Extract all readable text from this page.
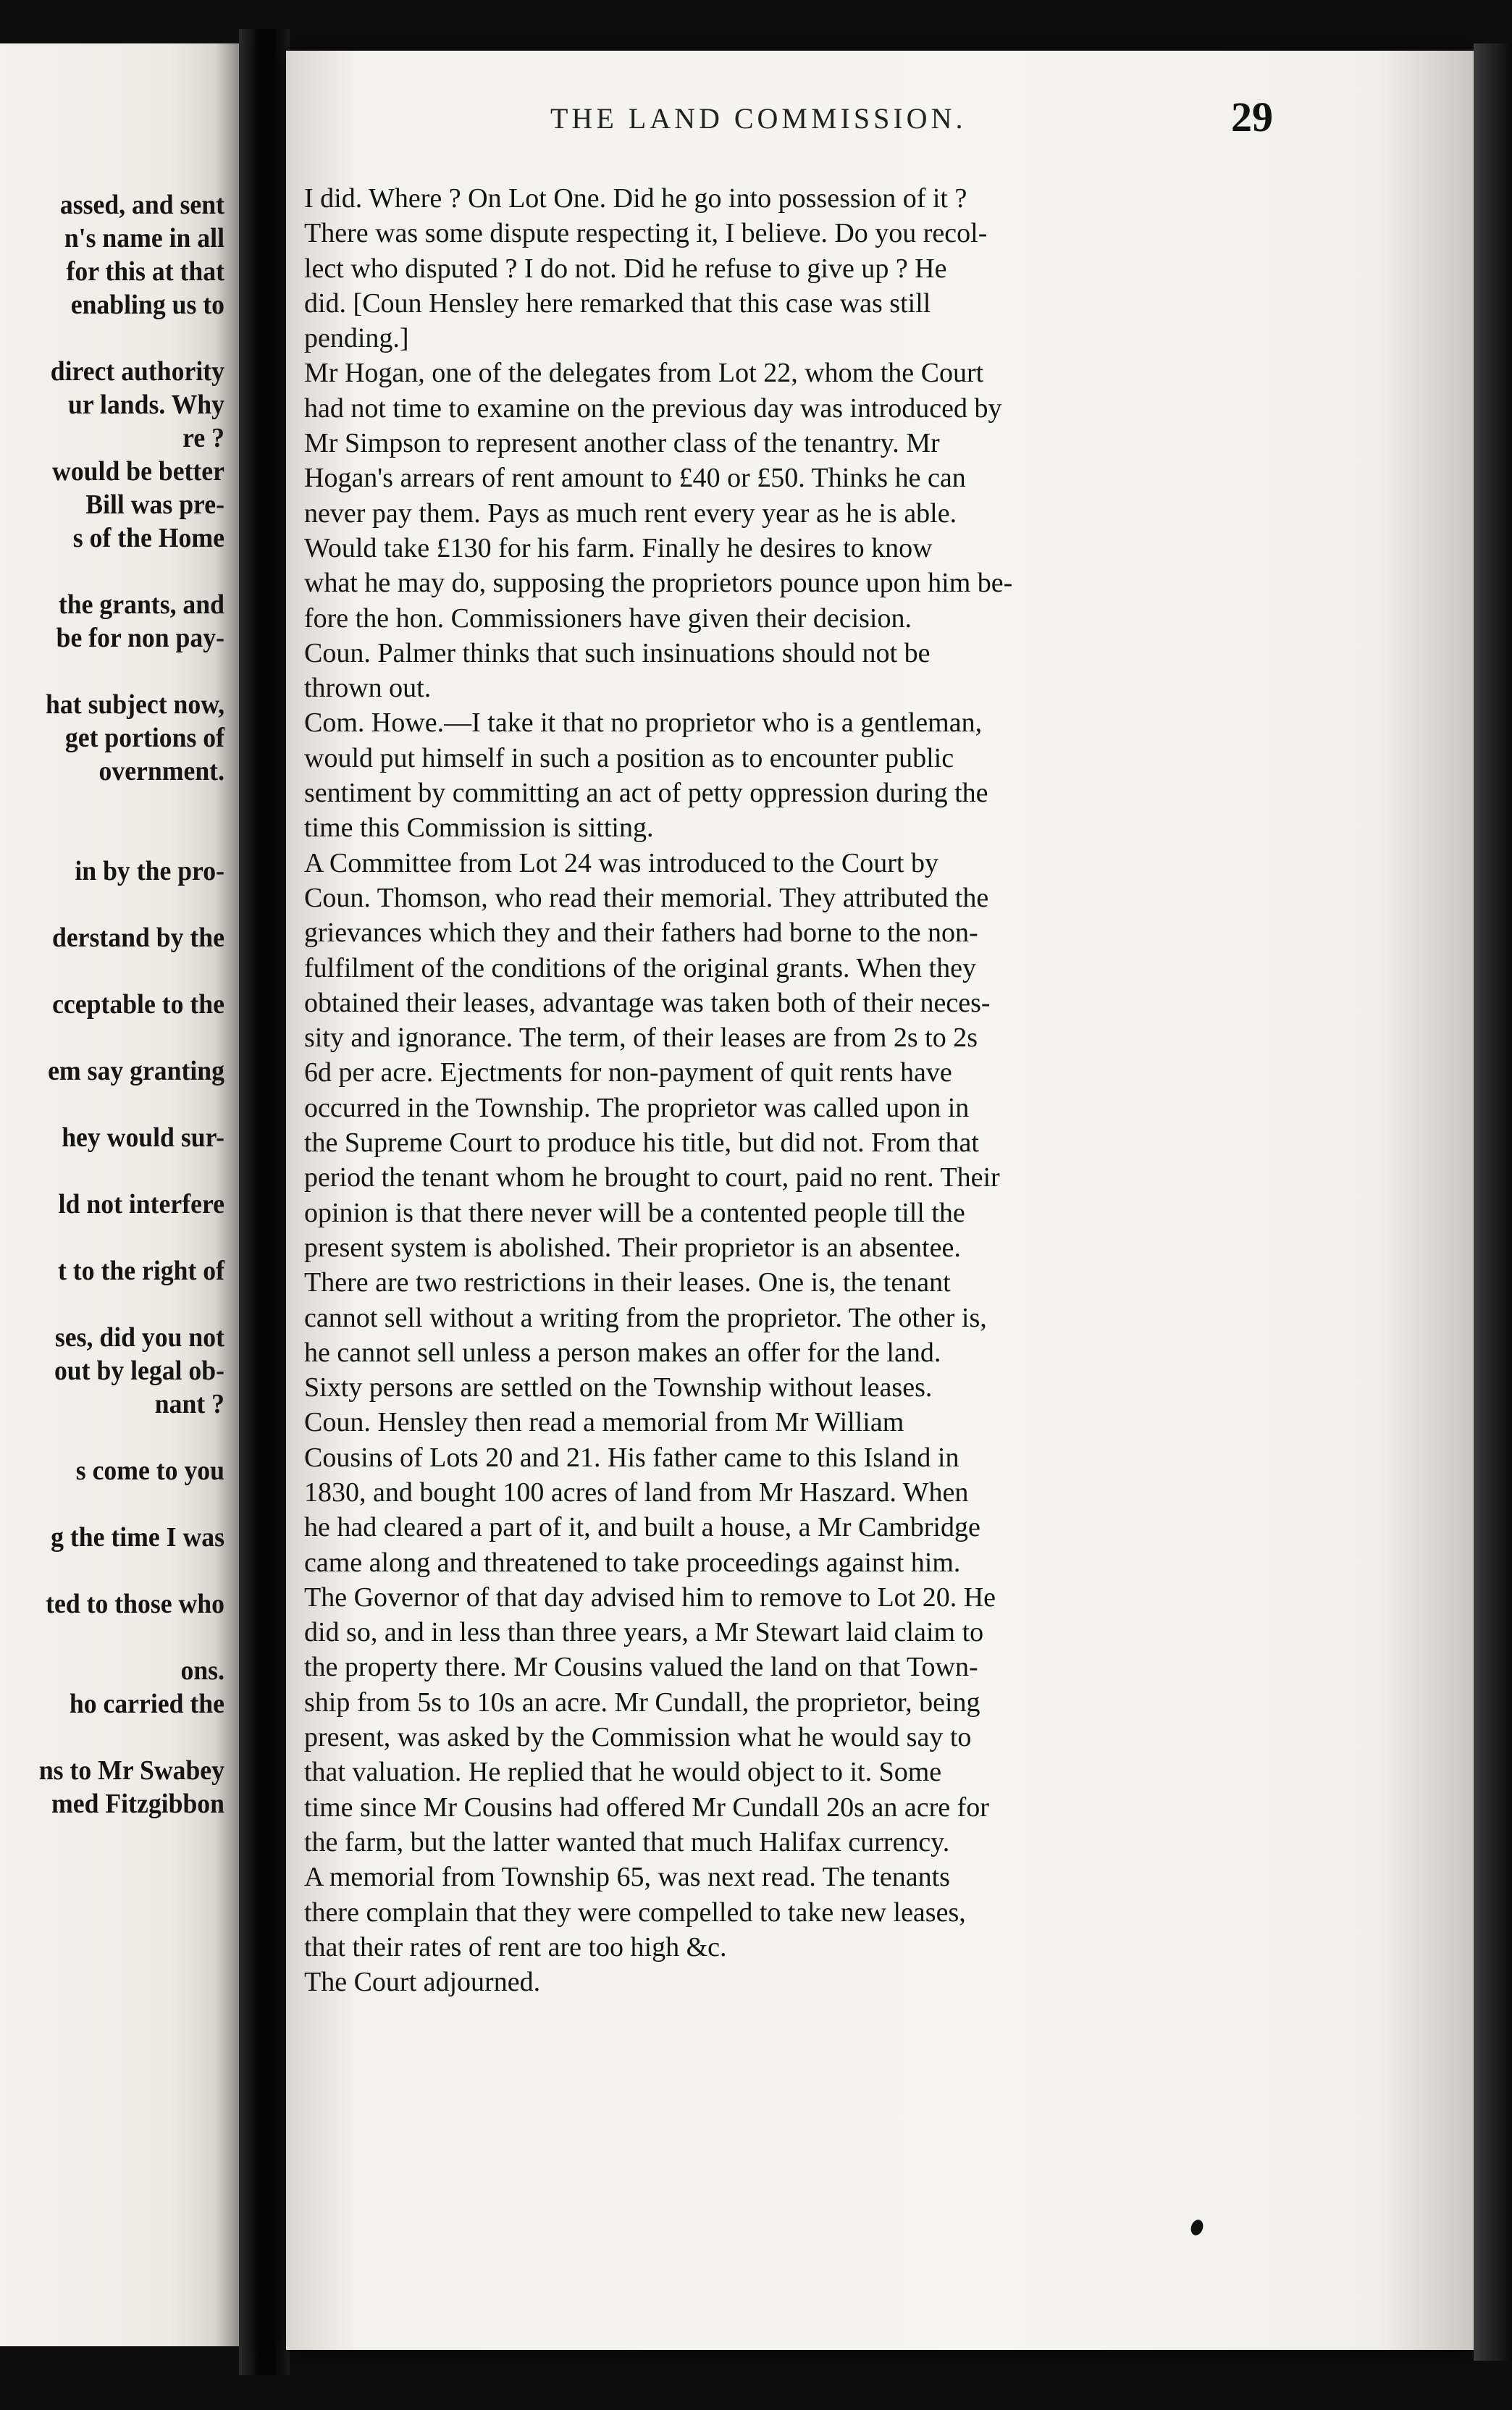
assed, and sent
n's name in all
for this at that
enabling us to
direct authority
ur lands. Why
re ?
would be better
Bill was pre-
s of the Home
the grants, and
be for non pay-
hat subject now,
get portions of
overnment.
in by the pro-
derstand by the
cceptable to the
em say granting
hey would sur-
ld not interfere
t to the right of
ses, did you not
out by legal ob-
nant ?
s come to you
g the time I was
ted to those who
ons.
ho carried the
ns to Mr Swabey
med Fitzgibbon
THE LAND COMMISSION.	29
I did. Where ? On Lot One. Did he go into possession of it ?
There was some dispute respecting it, I believe. Do you recol-
lect who disputed ? I do not. Did he refuse to give up ? He
did. [Coun Hensley here remarked that this case was still
pending.]
Mr Hogan, one of the delegates from Lot 22, whom the Court
had not time to examine on the previous day was introduced by
Mr Simpson to represent another class of the tenantry. Mr
Hogan's arrears of rent amount to £40 or £50. Thinks he can
never pay them. Pays as much rent every year as he is able.
Would take £130 for his farm. Finally he desires to know
what he may do, supposing the proprietors pounce upon him be-
fore the hon. Commissioners have given their decision.
Coun. Palmer thinks that such insinuations should not be
thrown out.
Com. Howe.—I take it that no proprietor who is a gentleman,
would put himself in such a position as to encounter public
sentiment by committing an act of petty oppression during the
time this Commission is sitting.
A Committee from Lot 24 was introduced to the Court by
Coun. Thomson, who read their memorial. They attributed the
grievances which they and their fathers had borne to the non-
fulfilment of the conditions of the original grants. When they
obtained their leases, advantage was taken both of their neces-
sity and ignorance. The term, of their leases are from 2s to 2s
6d per acre. Ejectments for non-payment of quit rents have
occurred in the Township. The proprietor was called upon in
the Supreme Court to produce his title, but did not. From that
period the tenant whom he brought to court, paid no rent. Their
opinion is that there never will be a contented people till the
present system is abolished. Their proprietor is an absentee.
There are two restrictions in their leases. One is, the tenant
cannot sell without a writing from the proprietor. The other is,
he cannot sell unless a person makes an offer for the land.
Sixty persons are settled on the Township without leases.
Coun. Hensley then read a memorial from Mr William
Cousins of Lots 20 and 21. His father came to this Island in
1830, and bought 100 acres of land from Mr Haszard. When
he had cleared a part of it, and built a house, a Mr Cambridge
came along and threatened to take proceedings against him.
The Governor of that day advised him to remove to Lot 20. He
did so, and in less than three years, a Mr Stewart laid claim to
the property there. Mr Cousins valued the land on that Town-
ship from 5s to 10s an acre. Mr Cundall, the proprietor, being
present, was asked by the Commission what he would say to
that valuation. He replied that he would object to it. Some
time since Mr Cousins had offered Mr Cundall 20s an acre for
the farm, but the latter wanted that much Halifax currency.
A memorial from Township 65, was next read. The tenants
there complain that they were compelled to take new leases,
that their rates of rent are too high &c.
The Court adjourned.
